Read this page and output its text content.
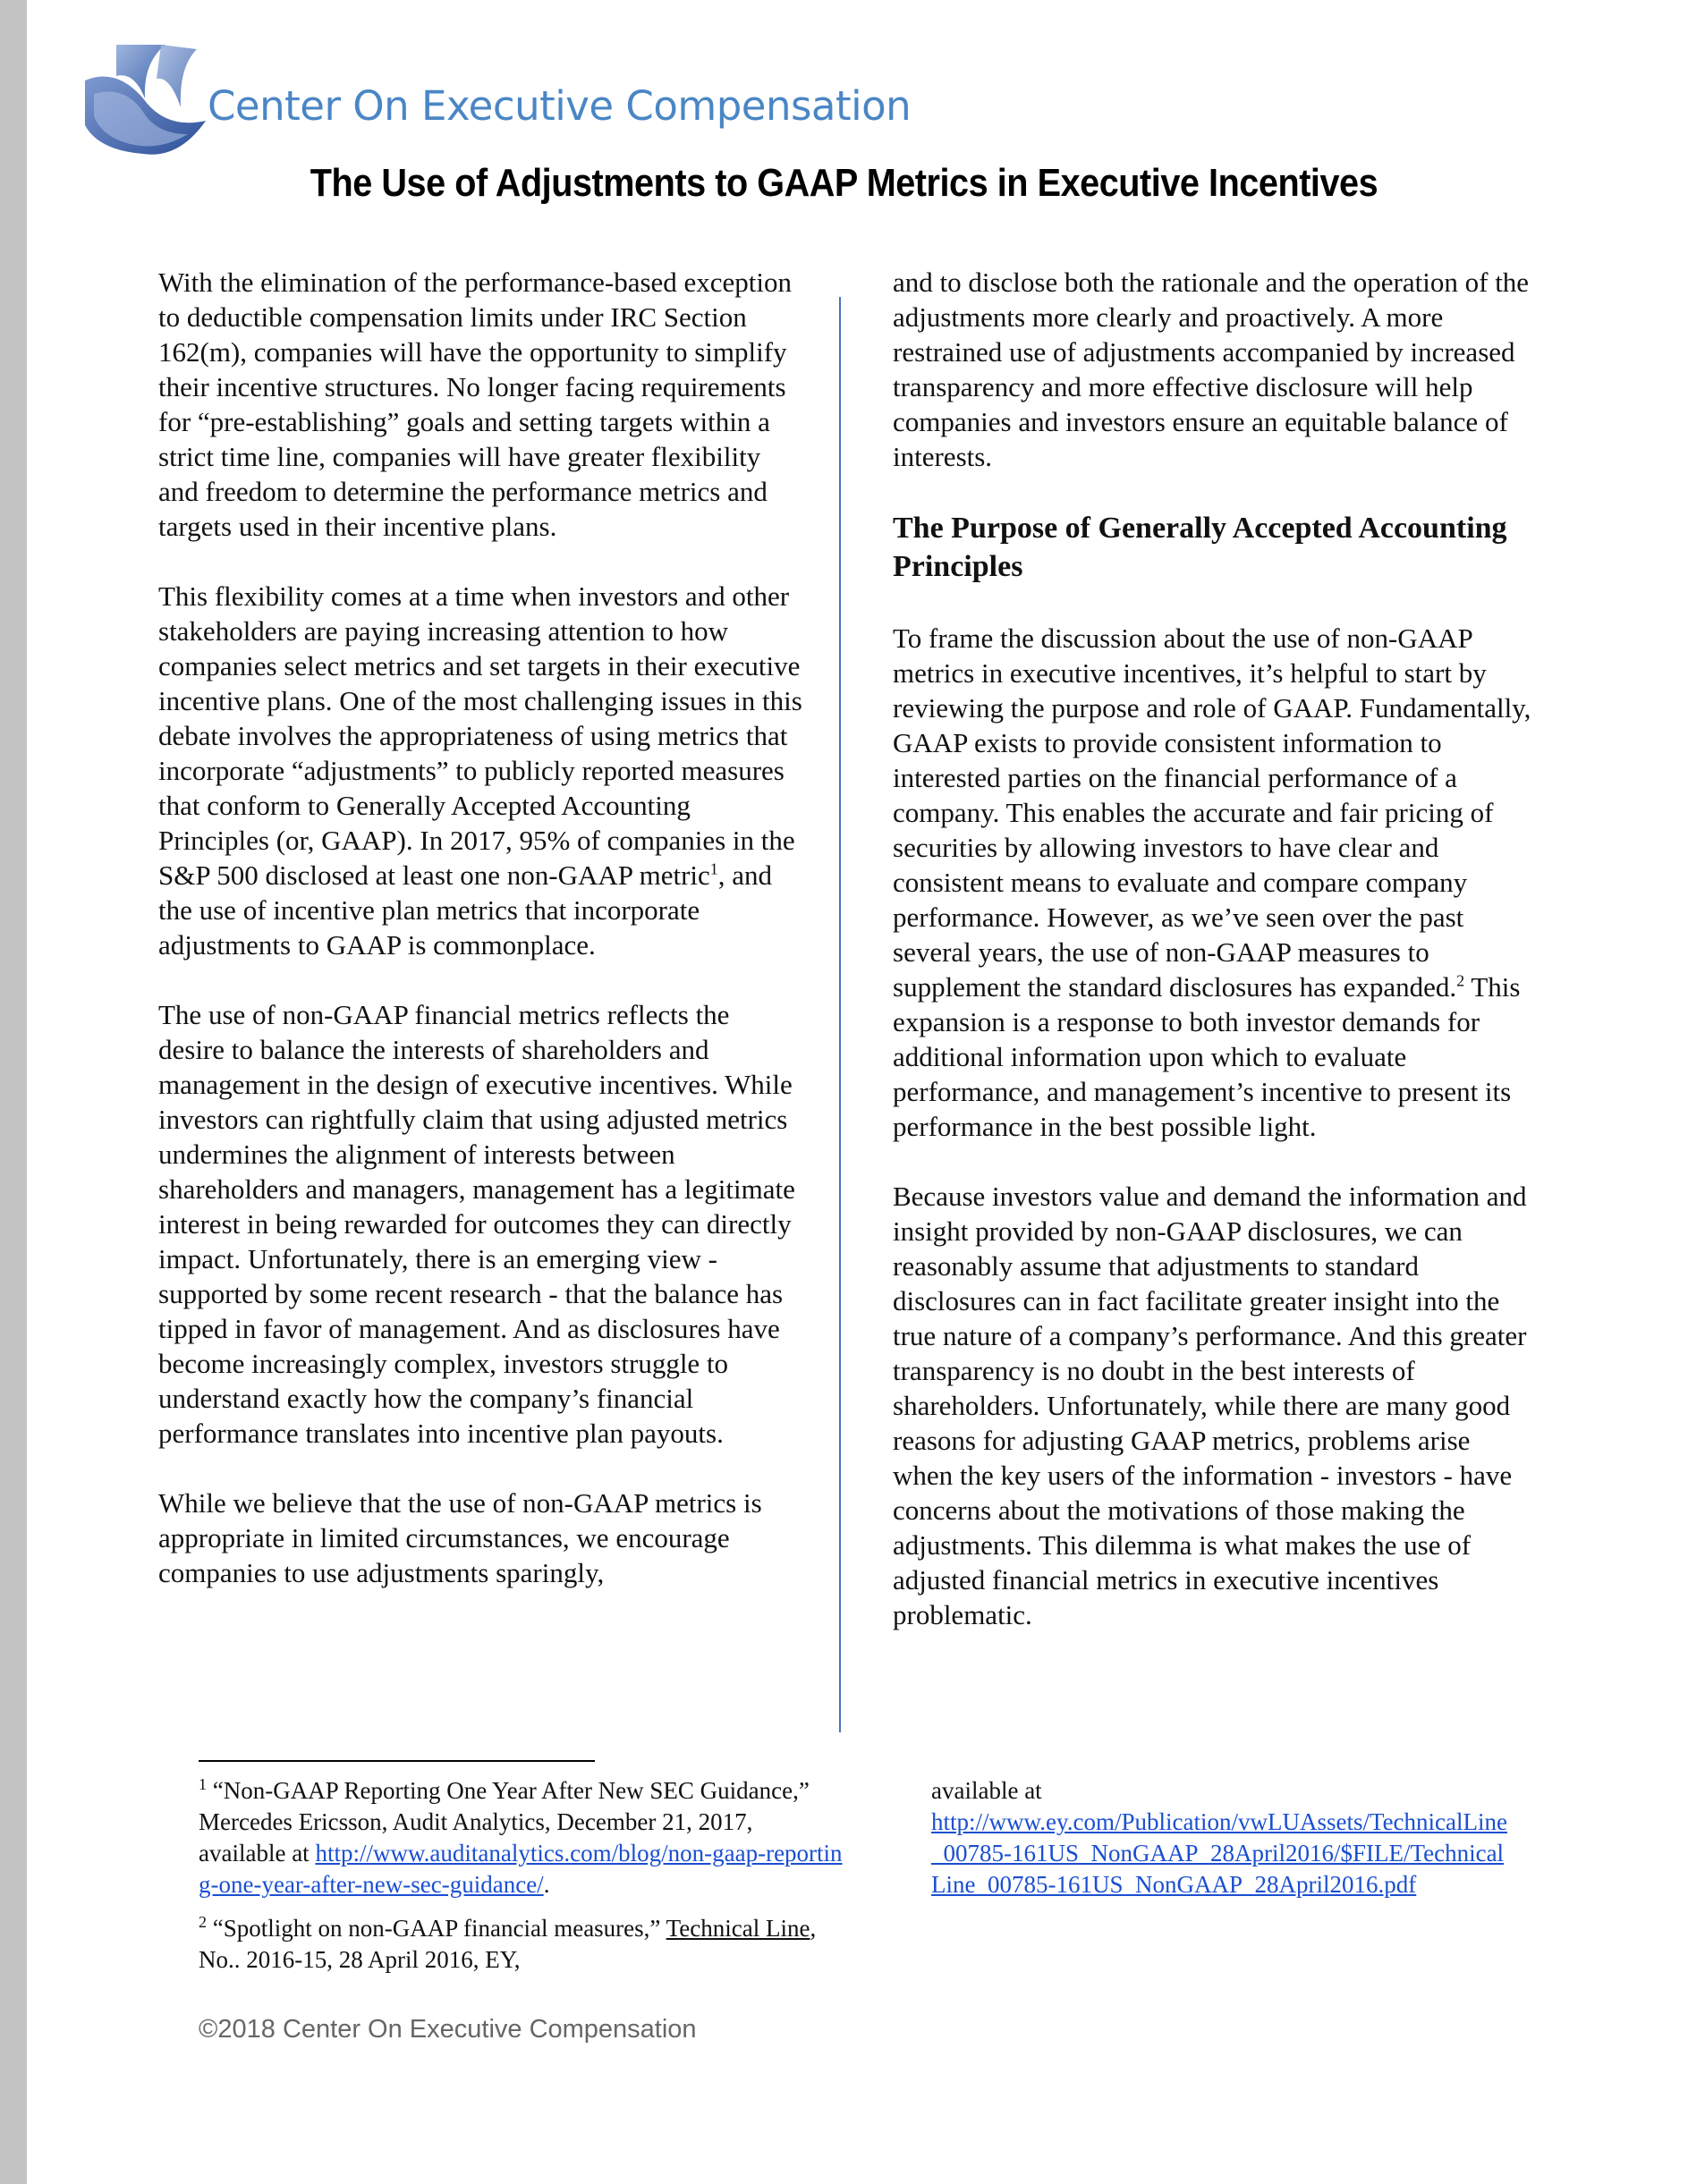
Center On Executive Compensation
The Use of Adjustments to GAAP Metrics in Executive Incentives

With the elimination of the performance-based exception to deductible compensation limits under IRC Section 162(m), companies will have the opportunity to simplify their incentive structures. No longer facing requirements for “pre-establishing” goals and setting targets within a strict time line, companies will have greater flexibility and freedom to determine the performance metrics and targets used in their incentive plans.

This flexibility comes at a time when investors and other stakeholders are paying increasing attention to how companies select metrics and set targets in their executive incentive plans. One of the most challenging issues in this debate involves the appropriateness of using metrics that incorporate “adjustments” to publicly reported measures that conform to Generally Accepted Accounting Principles (or, GAAP). In 2017, 95% of companies in the S&P 500 disclosed at least one non-GAAP metric$^1$, and the use of incentive plan metrics that incorporate adjustments to GAAP is commonplace.

The use of non-GAAP financial metrics reflects the desire to balance the interests of shareholders and management in the design of executive incentives. While investors can rightfully claim that using adjusted metrics undermines the alignment of interests between shareholders and managers, management has a legitimate interest in being rewarded for outcomes they can directly impact. Unfortunately, there is an emerging view - supported by some recent research - that the balance has tipped in favor of management. And as disclosures have become increasingly complex, investors struggle to understand exactly how the company’s financial performance translates into incentive plan payouts.

While we believe that the use of non-GAAP metrics is appropriate in limited circumstances, we encourage companies to use adjustments sparingly,

and to disclose both the rationale and the operation of the adjustments more clearly and proactively. A more restrained use of adjustments accompanied by increased transparency and more effective disclosure will help companies and investors ensure an equitable balance of interests.

The Purpose of Generally Accepted Accounting Principles

To frame the discussion about the use of non-GAAP metrics in executive incentives, it’s helpful to start by reviewing the purpose and role of GAAP. Fundamentally, GAAP exists to provide consistent information to interested parties on the financial performance of a company. This enables the accurate and fair pricing of securities by allowing investors to have clear and consistent means to evaluate and compare company performance. However, as we’ve seen over the past several years, the use of non-GAAP measures to supplement the standard disclosures has expanded.$^2$ This expansion is a response to both investor demands for additional information upon which to evaluate performance, and management’s incentive to present its performance in the best possible light.

Because investors value and demand the information and insight provided by non-GAAP disclosures, we can reasonably assume that adjustments to standard disclosures can in fact facilitate greater insight into the true nature of a company’s performance. And this greater transparency is no doubt in the best interests of shareholders. Unfortunately, while there are many good reasons for adjusting GAAP metrics, problems arise when the key users of the information - investors - have concerns about the motivations of those making the adjustments. This dilemma is what makes the use of adjusted financial metrics in executive incentives problematic.

$^1$ “Non-GAAP Reporting One Year After New SEC Guidance,” Mercedes Ericsson, Audit Analytics, December 21, 2017, available at http://www.auditanalytics.com/blog/non-gaap-reporting-one-year-after-new-sec-guidance/.

$^2$ “Spotlight on non-GAAP financial measures,” Technical Line, No.. 2016-15, 28 April 2016, EY,

available at
http://www.ey.com/Publication/vwLUAssets/TechnicalLine_00785-161US_NonGAAP_28April2016/$FILE/TechnicalLine_00785-161US_NonGAAP_28April2016.pdf

©2018 Center On Executive Compensation
